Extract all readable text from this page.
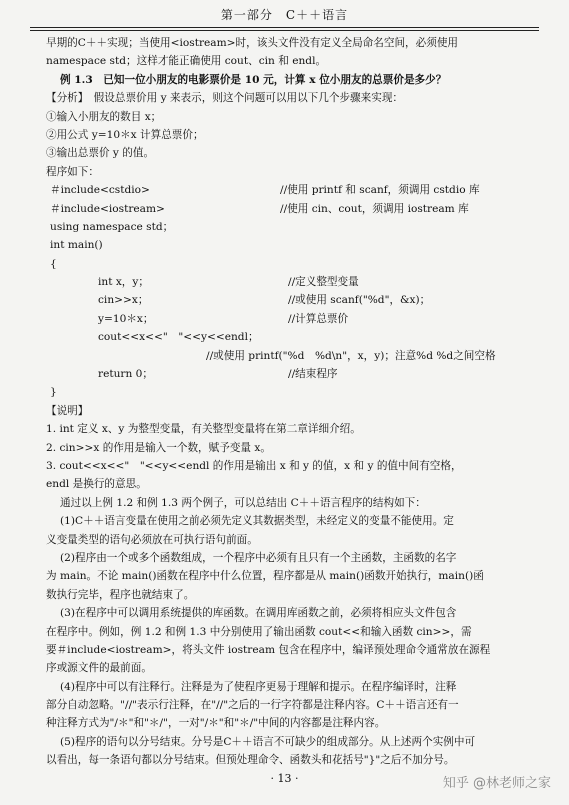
第一部分　C＋＋语言
早期的C＋＋实现；当使用<iostream>时，该头文件没有定义全局命名空间，必须使用
namespace std；这样才能正确使用 cout、cin 和 endl。
例 1.3　已知一位小朋友的电影票价是 10 元，计算 x 位小朋友的总票价是多少？
【分析】　假设总票价用 y 来表示，则这个问题可以用以下几个步骤来实现：
①输入小朋友的数目 x；
②用公式 y=10＊x 计算总票价；
③输出总票价 y 的值。
程序如下：
＃include<cstdio>	//使用 printf 和 scanf，须调用 cstdio 库
＃include<iostream>	//使用 cin、cout，须调用 iostream 库
using namespace std；
int main()
{
int x，y；	//定义整型变量
cin>>x；	//或使用 scanf("%d"，&x)；
y=10＊x；	//计算总票价
cout<<x<<"　"<<y<<endl；
//或使用 printf("%d　%d\n"，x，y)；注意%d %d之间空格
return 0；	//结束程序
}
【说明】
1. int 定义 x、y 为整型变量，有关整型变量将在第二章详细介绍。
2. cin>>x 的作用是输入一个数，赋予变量 x。
3. cout<<x<<"　"<<y<<endl 的作用是输出 x 和 y 的值，x 和 y 的值中间有空格，
endl 是换行的意思。
通过以上例 1.2 和例 1.3 两个例子，可以总结出 C＋＋语言程序的结构如下：
(1)C＋＋语言变量在使用之前必须先定义其数据类型，未经定义的变量不能使用。定
义变量类型的语句必须放在可执行语句前面。
(2)程序由一个或多个函数组成，一个程序中必须有且只有一个主函数，主函数的名字
为 main。不论 main()函数在程序中什么位置，程序都是从 main()函数开始执行，main()函
数执行完毕，程序也就结束了。
(3)在程序中可以调用系统提供的库函数。在调用库函数之前，必须将相应头文件包含
在程序中。例如，例 1.2 和例 1.3 中分别使用了输出函数 cout<<和输入函数 cin>>，需
要＃include<iostream>，将头文件 iostream 包含在程序中，编译预处理命令通常放在源程
序或源文件的最前面。
(4)程序中可以有注释行。注释是为了使程序更易于理解和提示。在程序编译时，注释
部分自动忽略。"//"表示行注释，在"//"之后的一行字符都是注释内容。C＋＋语言还有一
种注释方式为"/＊"和"＊/"，一对"/＊"和"＊/"中间的内容都是注释内容。
(5)程序的语句以分号结束。分号是C＋＋语言不可缺少的组成部分。从上述两个实例中可
以看出，每一条语句都以分号结束。但预处理命令、函数头和花括号"}"之后不加分号。
· 13 ·	知乎 @林老师之家
